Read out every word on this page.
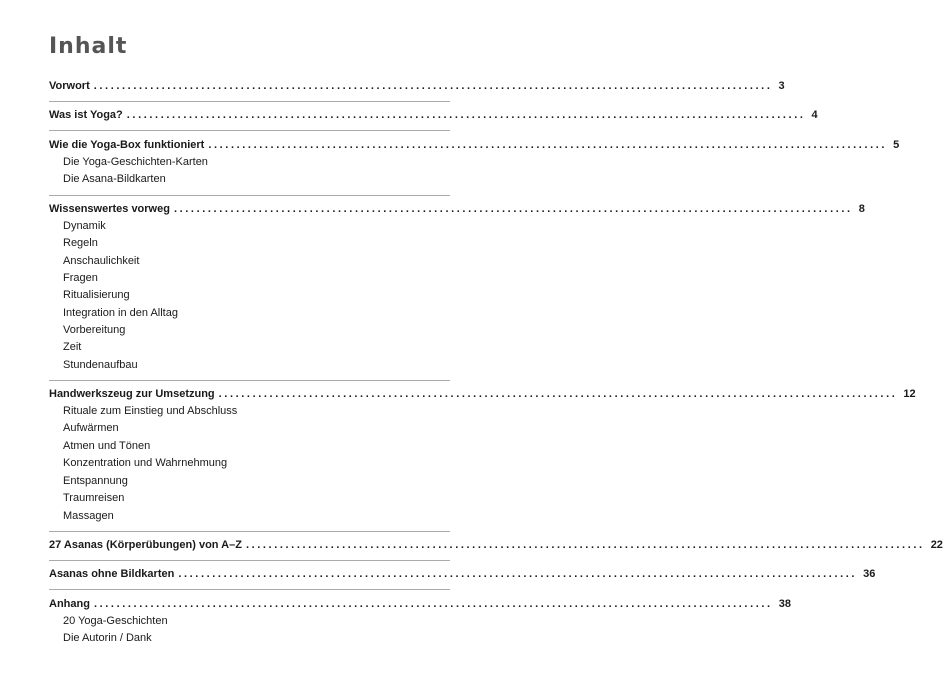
Inhalt
Vorwort ........................................................................................................................ 3
Was ist Yoga? ........................................................................................................................ 4
Wie die Yoga-Box funktioniert ........................................................................................................................ 5
Die Yoga-Geschichten-Karten
Die Asana-Bildkarten
Wissenswertes vorweg ........................................................................................................................ 8
Dynamik
Regeln
Anschaulichkeit
Fragen
Ritualisierung
Integration in den Alltag
Vorbereitung
Zeit
Stundenaufbau
Handwerkszeug zur Umsetzung ........................................................................................................................ 12
Rituale zum Einstieg und Abschluss
Aufwärmen
Atmen und Tönen
Konzentration und Wahrnehmung
Entspannung
Traumreisen
Massagen
27 Asanas (Körperübungen) von A–Z ........................................................................................................................ 22
Asanas ohne Bildkarten ........................................................................................................................ 36
Anhang ........................................................................................................................ 38
20 Yoga-Geschichten
Die Autorin / Dank
